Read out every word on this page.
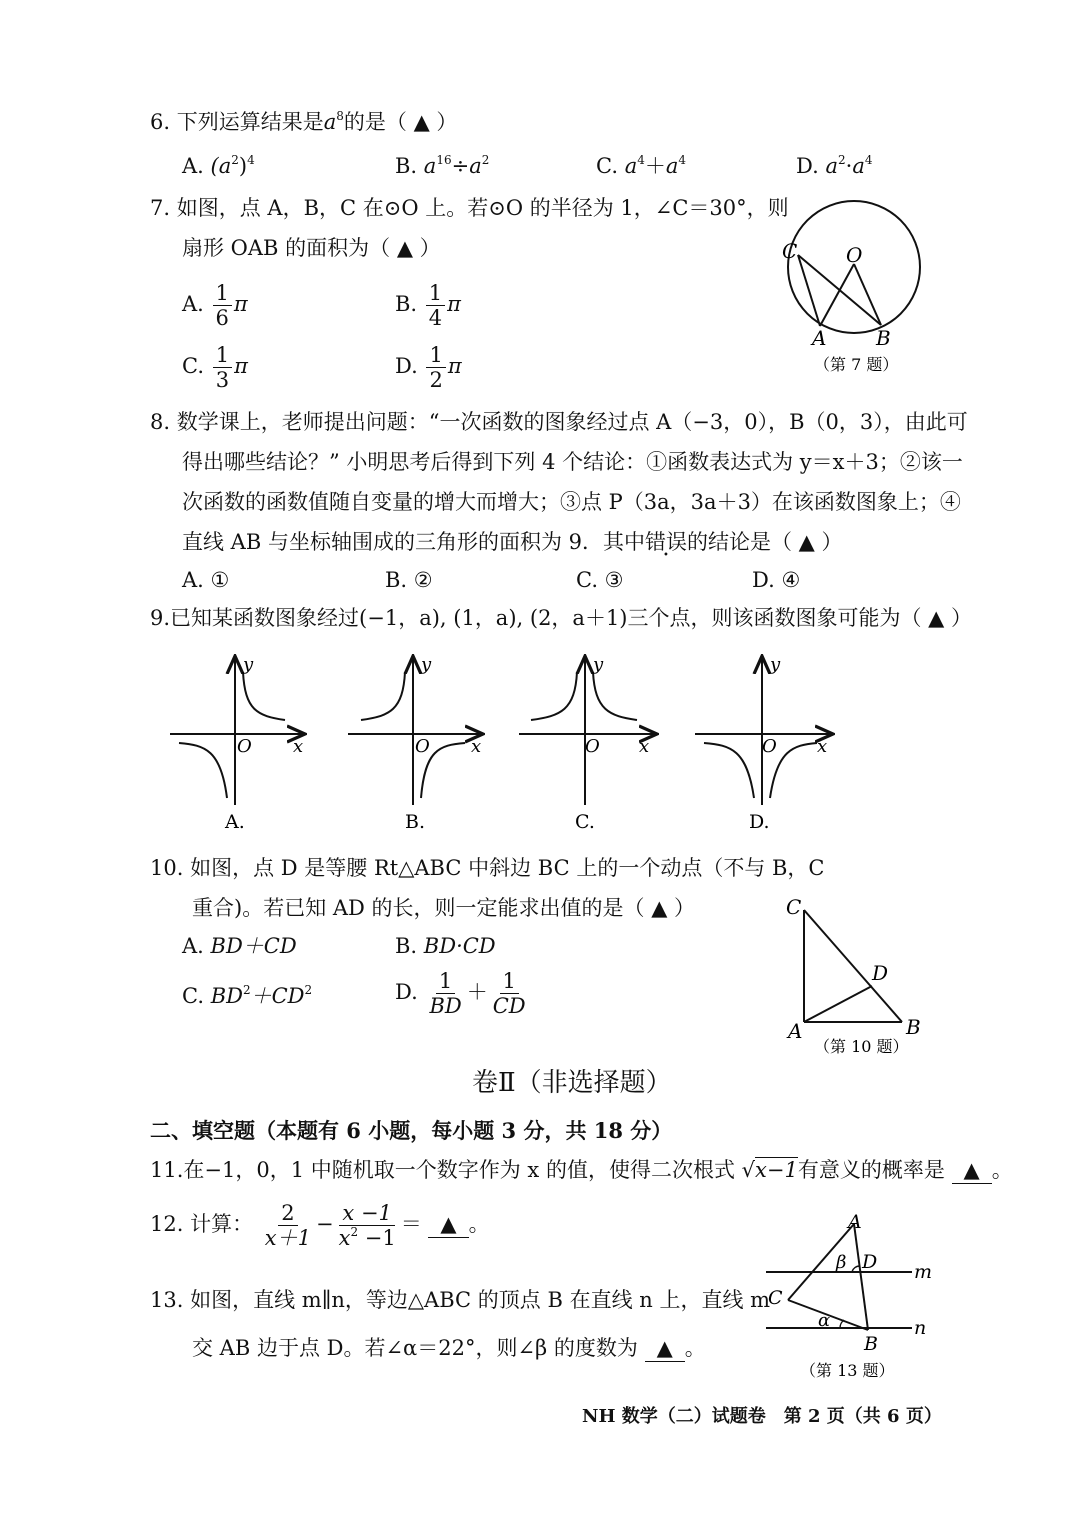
6. 下列运算结果是$a^8$的是（ ▲ ）
A. $(a^2)^4$	B. $a^{16}\div a^2$	C. $a^4+a^4$	D. $a^2\cdot a^4$
7. 如图，点 A，B，C 在⊙O 上。若⊙O 的半径为 1，∠C＝30°，则
扇形 OAB 的面积为（ ▲ ）
A. $\frac{1}{6}$ π	B. $\frac{1}{4}$ π
C. $\frac{1}{3}$ π	D. $\frac{1}{2}$ π
C O
A B
（第 7 题）
8. 数学课上，老师提出问题：“一次函数的图象经过点 A（−3，0），B（0，3），由此可
得出哪些结论？” 小明思考后得到下列 4 个结论：①函数表达式为 y＝x＋3；②该一
次函数的函数值随自变量的增大而增大；③点 P（3a，3a＋3）在该函数图象上；④
直线 AB 与坐标轴围成的三角形的面积为 9．其中错误的结论是（ ▲ ）
A. ①	B. ②	C. ③	D. ④
9.已知某函数图象经过(−1，a), (1，a), (2，a＋1)三个点，则该函数图象可能为（ ▲ ）
y
O x
A.
y
O x
B.
y
O x
C.
y
O x
D.
10. 如图，点 D 是等腰 Rt△ABC 中斜边 BC 上的一个动点（不与 B，C
重合)。若已知 AD 的长，则一定能求出值的是（ ▲ ）
A. BD＋CD	B. BD·CD
C. $BD^2+CD^2$	D. $\frac{1}{BD} + \frac{1}{CD}$
C
D
A	B
（第 10 题）
卷Ⅱ（非选择题）
二、填空题（本题有 6 小题，每小题 3 分，共 18 分）
11.在−1，0，1 中随机取一个数字作为 x 的值，使得二次根式 √x−1有意义的概率是 ▲ 。
12. 计算： $\frac{2}{x+1} - \frac{x -1}{x^2 -1}$ ＝ ▲ 。
13. 如图，直线 m∥n，等边△ABC 的顶点 B 在直线 n 上，直线 m
交 AB 边于点 D。若∠α＝22°，则∠β 的度数为 ▲ 。
A
β D m
C
α	n
B
（第 13 题）
NH 数学（二）试题卷　第 2 页（共 6 页）
